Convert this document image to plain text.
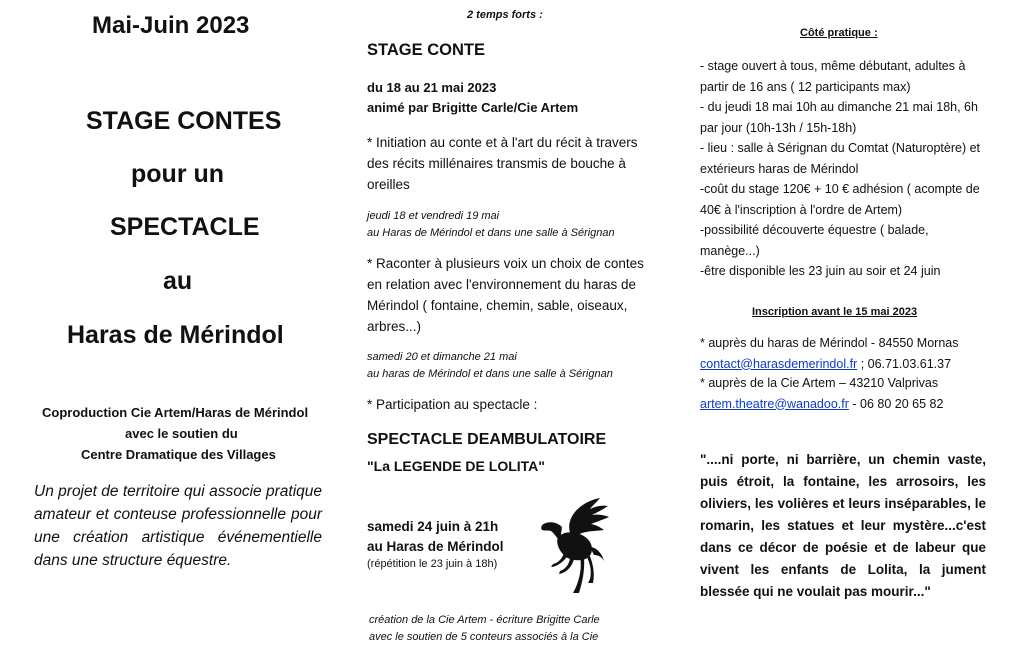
Mai-Juin 2023
STAGE CONTES
pour un
SPECTACLE
au
Haras de Mérindol
Coproduction Cie Artem/Haras de Mérindol
avec le soutien du
Centre Dramatique des Villages
Un projet de territoire qui associe pratique amateur et conteuse professionnelle pour une création artistique événementielle dans une structure équestre.
2 temps forts :
STAGE CONTE
du 18 au 21 mai 2023
animé par Brigitte Carle/Cie Artem
* Initiation au conte et à l'art du récit à travers
des récits millénaires transmis de bouche à
oreilles
jeudi 18 et vendredi 19 mai
au Haras de Mérindol et dans une salle à Sérignan
* Raconter à plusieurs voix un choix de contes
en relation avec l'environnement du haras de
Mérindol ( fontaine, chemin, sable, oiseaux,
arbres...)
samedi 20 et dimanche 21 mai
au haras de Mérindol et dans une salle à Sérignan
* Participation au spectacle :
SPECTACLE DEAMBULATOIRE
"La LEGENDE DE LOLITA"
samedi 24 juin à 21h
au Haras de Mérindol
(répétition le 23 juin à 18h)
création de la Cie Artem - écriture Brigitte Carle
avec le soutien de 5 conteurs associés à la Cie
Côté pratique :
- stage ouvert à tous, même débutant, adultes à
partir de 16 ans ( 12 participants max)
- du jeudi 18 mai 10h au dimanche 21 mai 18h, 6h
par jour (10h-13h / 15h-18h)
- lieu : salle à Sérignan du Comtat (Naturoptère) et
extérieurs haras de Mérindol
-coût du stage 120€ + 10 € adhésion ( acompte de
40€ à l'inscription à l'ordre de Artem)
-possibilité découverte équestre ( balade,
manège...)
-être disponible les 23 juin au soir et 24 juin
Inscription avant le 15 mai 2023
* auprès du haras de Mérindol - 84550 Mornas
contact@harasdemerindol.fr ; 06.71.03.61.37
* auprès de la Cie Artem – 43210 Valprivas
artem.theatre@wanadoo.fr - 06 80 20 65 82
"....ni porte, ni barrière, un chemin vaste, puis étroit, la fontaine, les arrosoirs, les oliviers, les volières et leurs inséparables, le romarin, les statues et leur mystère...c'est dans ce décor de poésie et de labeur que vivent les enfants de Lolita, la jument blessée qui ne voulait pas mourir..."
